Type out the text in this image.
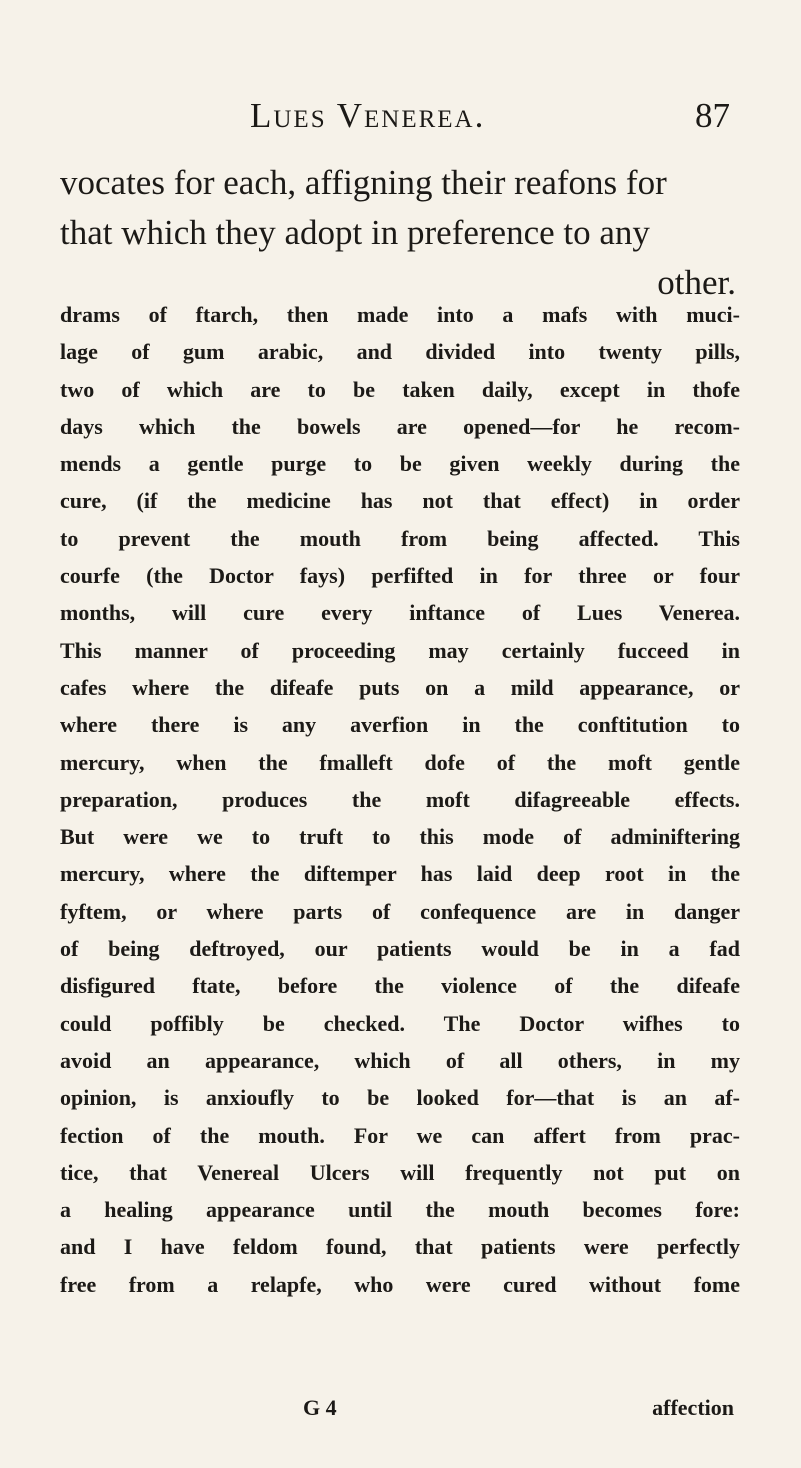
Lues Venerea.	87
vocates for each, affigning their reafons for
that which they adopt in preference to any
other.
drams of ftarch, then made into a mafs with muci-
lage of gum arabic, and divided into twenty pills,
two of which are to be taken daily, except in thofe
days which the bowels are opened—for he recom-
mends a gentle purge to be given weekly during the
cure, (if the medicine has not that effect) in order
to prevent the mouth from being affected. This
courfe (the Doctor fays) perfifted in for three or four
months, will cure every inftance of Lues Venerea.
This manner of proceeding may certainly fucceed in
cafes where the difeafe puts on a mild appearance, or
where there is any averfion in the conftitution to
mercury, when the fmalleft dofe of the moft gentle
preparation, produces the moft difagreeable effects.
But were we to truft to this mode of adminiftering
mercury, where the diftemper has laid deep root in the
fyftem, or where parts of confequence are in danger
of being deftroyed, our patients would be in a fad
disfigured ftate, before the violence of the difeafe
could poffibly be checked. The Doctor wifhes to
avoid an appearance, which of all others, in my
opinion, is anxioufly to be looked for—that is an af-
fection of the mouth. For we can affert from prac-
tice, that Venereal Ulcers will frequently not put on
a healing appearance until the mouth becomes fore:
and I have feldom found, that patients were perfectly
free from a relapfe, who were cured without fome
G 4	affection
